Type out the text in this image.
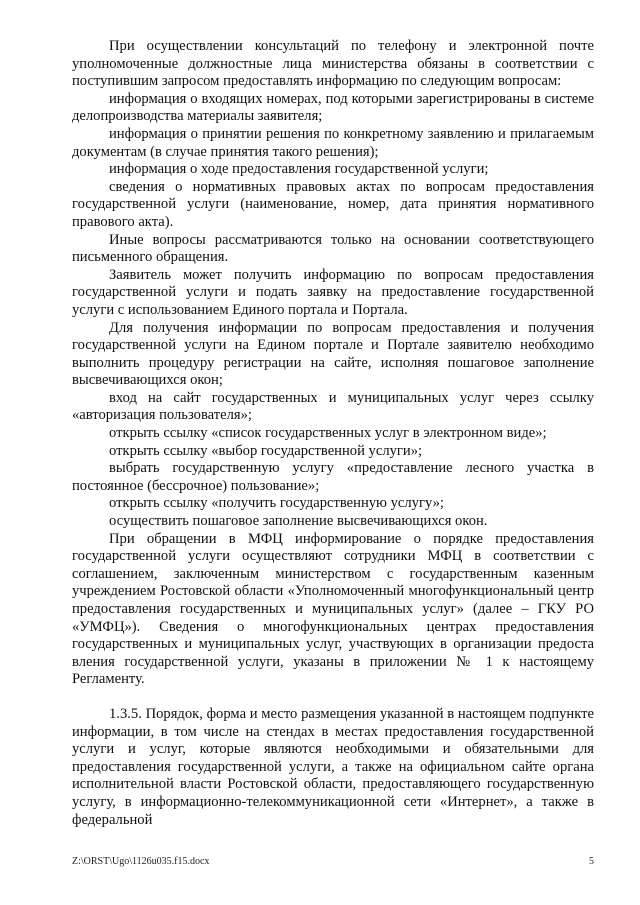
При осуществлении консультаций по телефону и электронной почте уполномоченные должностные лица министерства обязаны в соответствии с поступившим запросом предоставлять информацию по следующим вопросам:

информация о входящих номерах, под которыми зарегистрированы в системе делопроизводства материалы заявителя;

информация о принятии решения по конкретному заявлению и прилагаемым документам (в случае принятия такого решения);

информация о ходе предоставления государственной услуги;

сведения о нормативных правовых актах по вопросам предоставления государственной услуги (наименование, номер, дата принятия нормативного правового акта).

Иные вопросы рассматриваются только на основании соответствующего письменного обращения.

Заявитель может получить информацию по вопросам предоставления государственной услуги и подать заявку на предоставление государственной услуги с использованием Единого портала и Портала.

Для получения информации по вопросам предоставления и получения государственной услуги на Едином портале и Портале заявителю необходимо выполнить процедуру регистрации на сайте, исполняя пошаговое заполнение высвечивающихся окон;

вход на сайт государственных и муниципальных услуг через ссылку «авторизация пользователя»;

открыть ссылку «список государственных услуг в электронном виде»;

открыть ссылку «выбор государственной услуги»;

выбрать государственную услугу «предоставление лесного участка в постоянное (бессрочное) пользование»;

открыть ссылку «получить государственную услугу»;

осуществить пошаговое заполнение высвечивающихся окон.

При обращении в МФЦ информирование о порядке предоставления государственной услуги осуществляют сотрудники МФЦ в соответствии с соглашением, заключенным министерством с государственным казенным учреждением Ростовской области «Уполномоченный многофункциональный центр предоставления государственных и муниципальных услуг» (далее – ГКУ РО «УМФЦ»). Сведения о многофункциональных центрах предоставления государственных и муниципальных услуг, участвующих в организации предоста вления государственной услуги, указаны в приложении № 1 к настоящему Регламенту.

1.3.5. Порядок, форма и место размещения указанной в настоящем подпункте информации, в том числе на стендах в местах предоставления государственной услуги и услуг, которые являются необходимыми и обязательными для предоставления государственной услуги, а также на официальном сайте органа исполнительной власти Ростовской области, предоставляющего государственную услугу, в информационно-телекоммуникационной сети «Интернет», а также в федеральной

Z:\ORST\Ugo\1126u035.f15.docx	5
